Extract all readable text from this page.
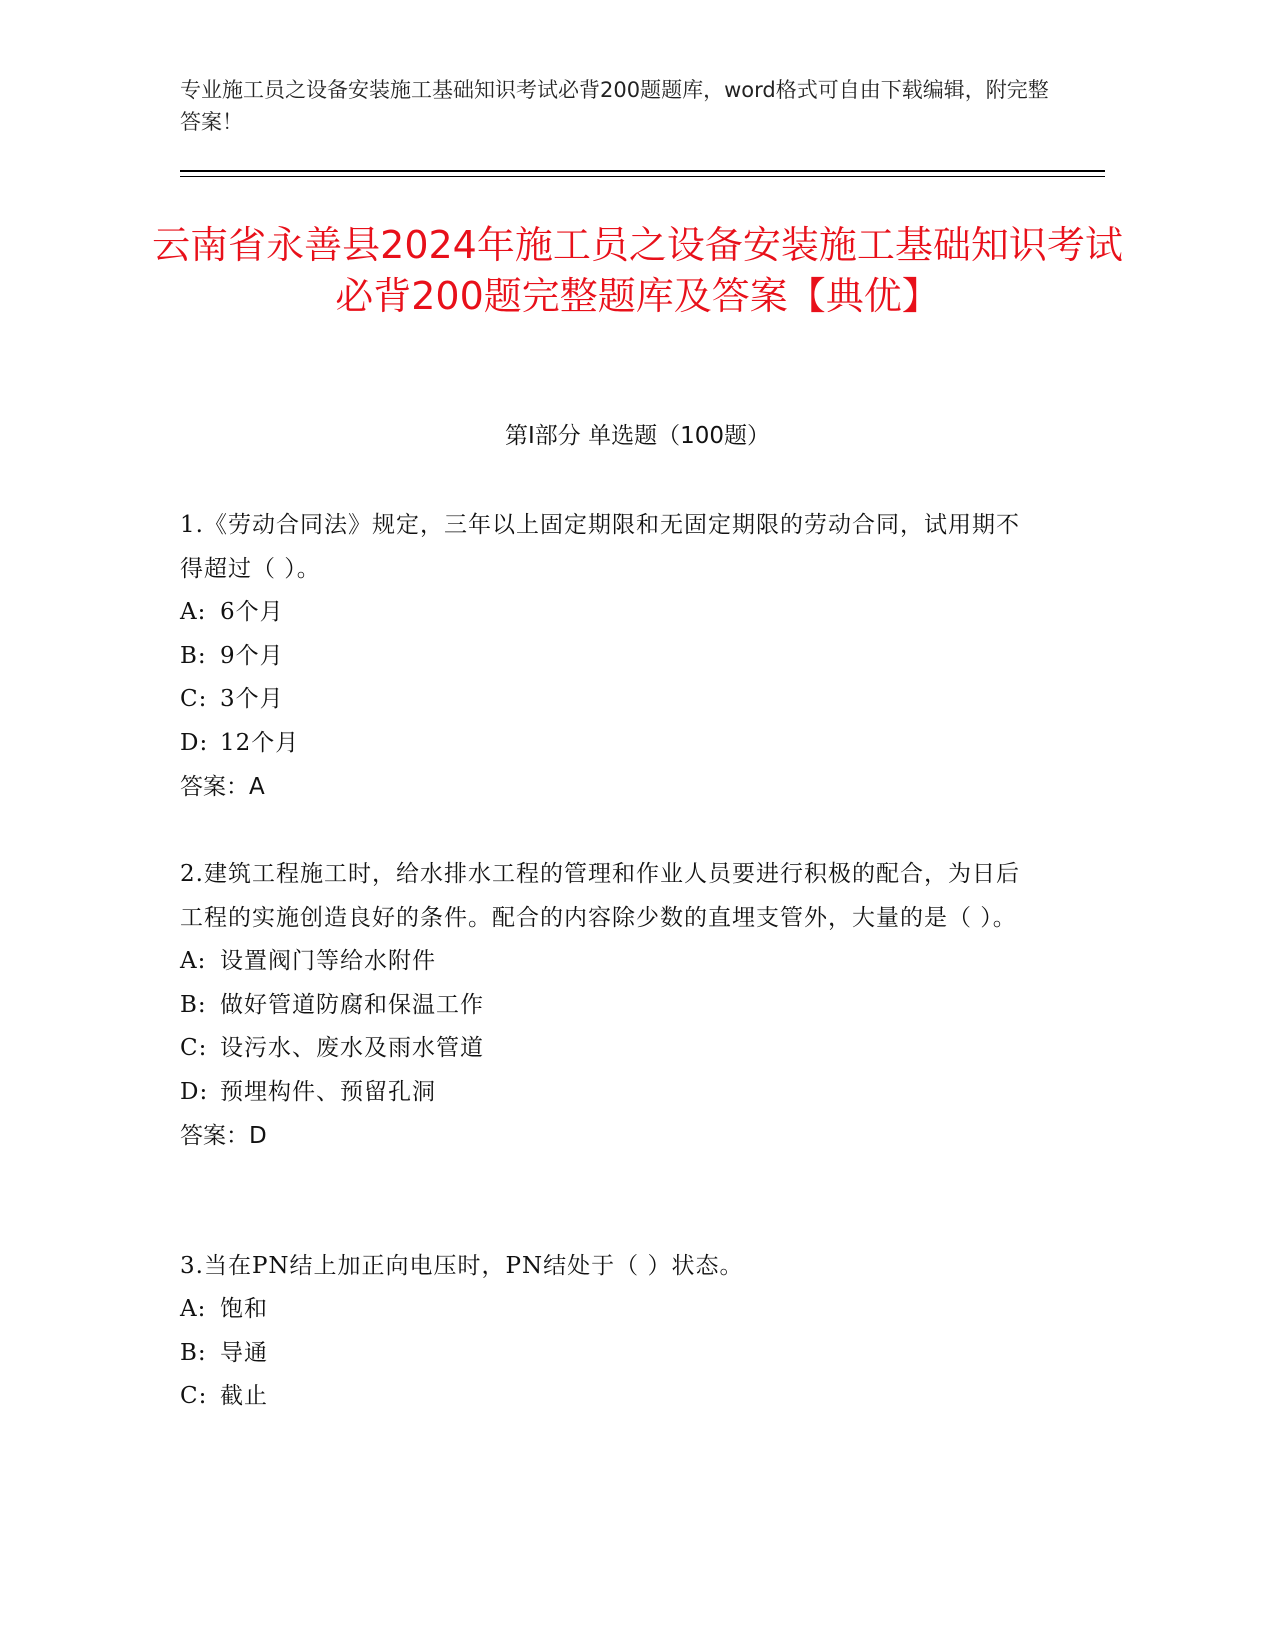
专业施工员之设备安装施工基础知识考试必背200题题库，word格式可自由下载编辑，附完整答案！
云南省永善县2024年施工员之设备安装施工基础知识考试必背200题完整题库及答案【典优】
第I部分 单选题（100题）

1.《劳动合同法》规定，三年以上固定期限和无固定期限的劳动合同，试用期不得超过（ ）。

A: 6个月

B: 9个月

C: 3个月

D: 12个月

答案：A

2.建筑工程施工时，给水排水工程的管理和作业人员要进行积极的配合，为日后工程的实施创造良好的条件。配合的内容除少数的直埋支管外，大量的是（ ）。

A: 设置阀门等给水附件

B: 做好管道防腐和保温工作

C: 设污水、废水及雨水管道

D: 预埋构件、预留孔洞

答案：D

3.当在PN结上加正向电压时，PN结处于（ ）状态。

A: 饱和

B: 导通

C: 截止
